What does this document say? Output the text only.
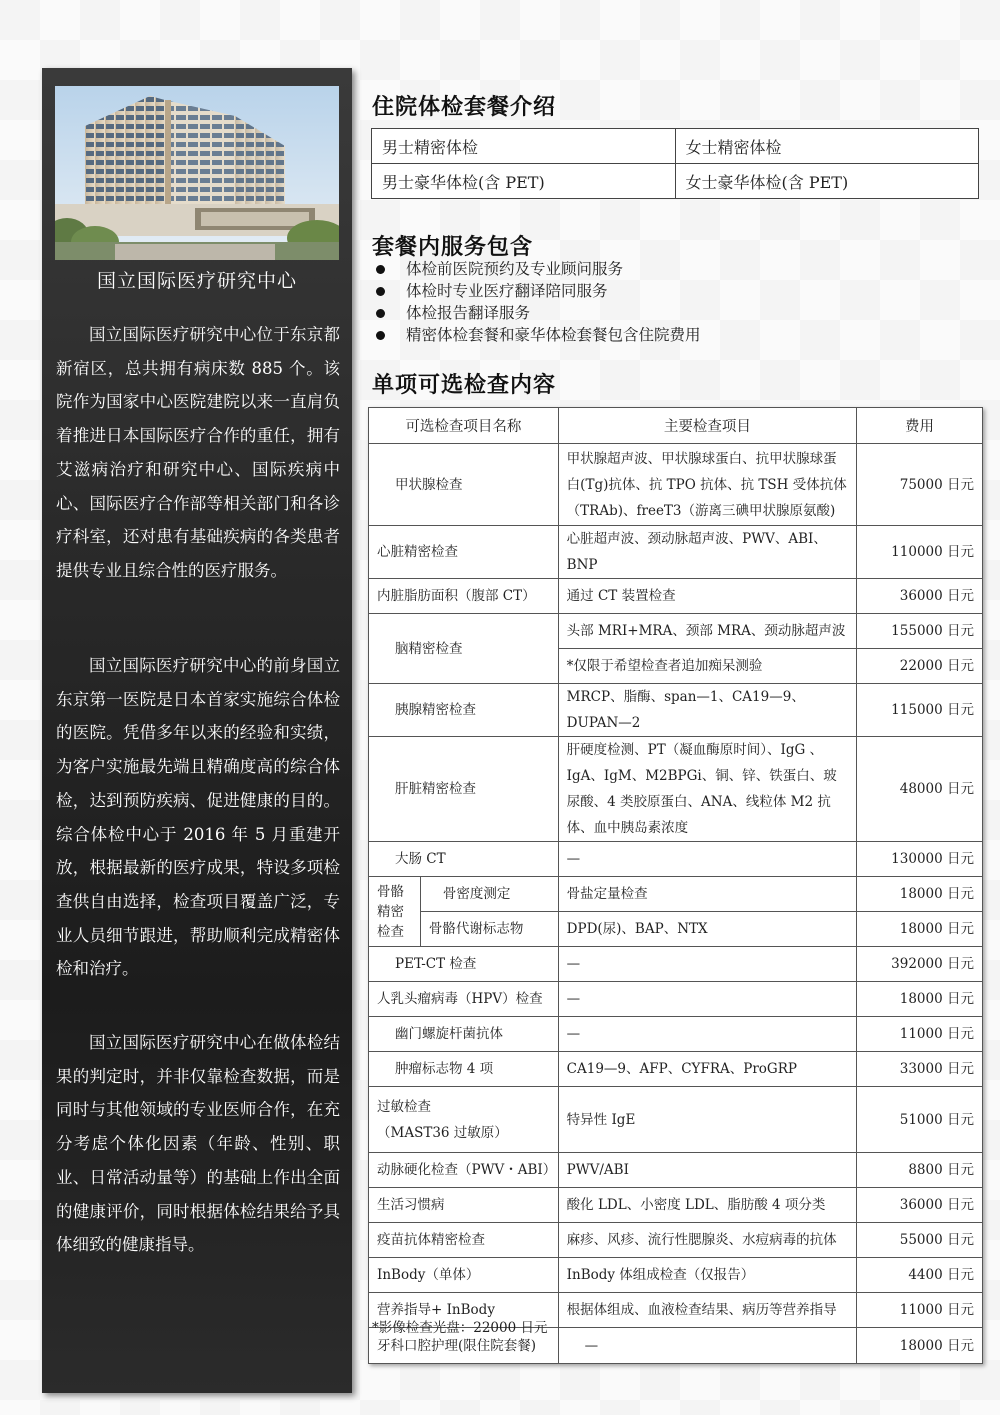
国立国际医疗研究中心
国立国际医疗研究中心位于东京都新宿区，总共拥有病床数 885 个。该院作为国家中心医院建院以来一直肩负着推进日本国际医疗合作的重任，拥有艾滋病治疗和研究中心、国际疾病中心、国际医疗合作部等相关部门和各诊疗科室，还对患有基础疾病的各类患者提供专业且综合性的医疗服务。
国立国际医疗研究中心的前身国立东京第一医院是日本首家实施综合体检的医院。凭借多年以来的经验和实绩，为客户实施最先端且精确度高的综合体检，达到预防疾病、促进健康的目的。综合体检中心于 2016 年 5 月重建开放，根据最新的医疗成果，特设多项检查供自由选择，检查项目覆盖广泛，专业人员细节跟进，帮助顺利完成精密体检和治疗。
国立国际医疗研究中心在做体检结果的判定时，并非仅靠检查数据，而是同时与其他领域的专业医师合作，在充分考虑个体化因素（年龄、性别、职业、日常活动量等）的基础上作出全面的健康评价，同时根据体检结果给予具体细致的健康指导。
住院体检套餐介绍
男士精密体检	女士精密体检
男士豪华体检(含 PET)	女士豪华体检(含 PET)
套餐内服务包含
体检前医院预约及专业顾问服务
体检时专业医疗翻译陪同服务
体检报告翻译服务
精密体检套餐和豪华体检套餐包含住院费用
单项可选检查内容
可选检查项目名称		主要检查项目	费用
甲状腺检查		甲状腺超声波、甲状腺球蛋白、抗甲状腺球蛋白(Tg)抗体、抗 TPO 抗体、抗 TSH 受体抗体（TRAb)、freeT3（游离三碘甲状腺原氨酸)	75000 日元
心脏精密检查		心脏超声波、颈动脉超声波、PWV、ABI、BNP	110000 日元
内脏脂肪面积（腹部 CT）		通过 CT 装置检查	36000 日元
脑精密检查		头部 MRI+MRA、颈部 MRA、颈动脉超声波	155000 日元
		*仅限于希望检查者追加痴呆测验	22000 日元
胰腺精密检查		MRCP、脂酶、span—1、CA19—9、DUPAN—2	115000 日元
肝脏精密检查		肝硬度检测、PT（凝血酶原时间）、IgG 、IgA、IgM、M2BPGi、铜、锌、铁蛋白、玻尿酸、4 类胶原蛋白、ANA、线粒体 M2 抗体、血中胰岛素浓度	48000 日元
大肠 CT		—	130000 日元
骨骼精密检查	骨密度测定	骨盐定量检查	18000 日元
	骨骼代谢标志物	DPD(尿)、BAP、NTX	18000 日元
PET-CT 检查		—	392000 日元
人乳头瘤病毒（HPV）检查		—	18000 日元
幽门螺旋杆菌抗体		—	11000 日元
肿瘤标志物 4 项		CA19—9、AFP、CYFRA、ProGRP	33000 日元

过敏检查
（MAST36 过敏原）		特异性 IgE	51000 日元
动脉硬化检查（PWV・ABI）		PWV/ABI	8800 日元
生活习惯病		酸化 LDL、小密度 LDL、脂肪酸 4 项分类	36000 日元
疫苗抗体精密检查		麻疹、风疹、流行性腮腺炎、水痘病毒的抗体	55000 日元
InBody（单体）		InBody 体组成检查（仅报告）	4400 日元
营养指导+ InBody		根据体组成、血液检查结果、病历等营养指导	11000 日元
牙科口腔护理(限住院套餐)		—	18000 日元
*影像检查光盘：22000 日元
